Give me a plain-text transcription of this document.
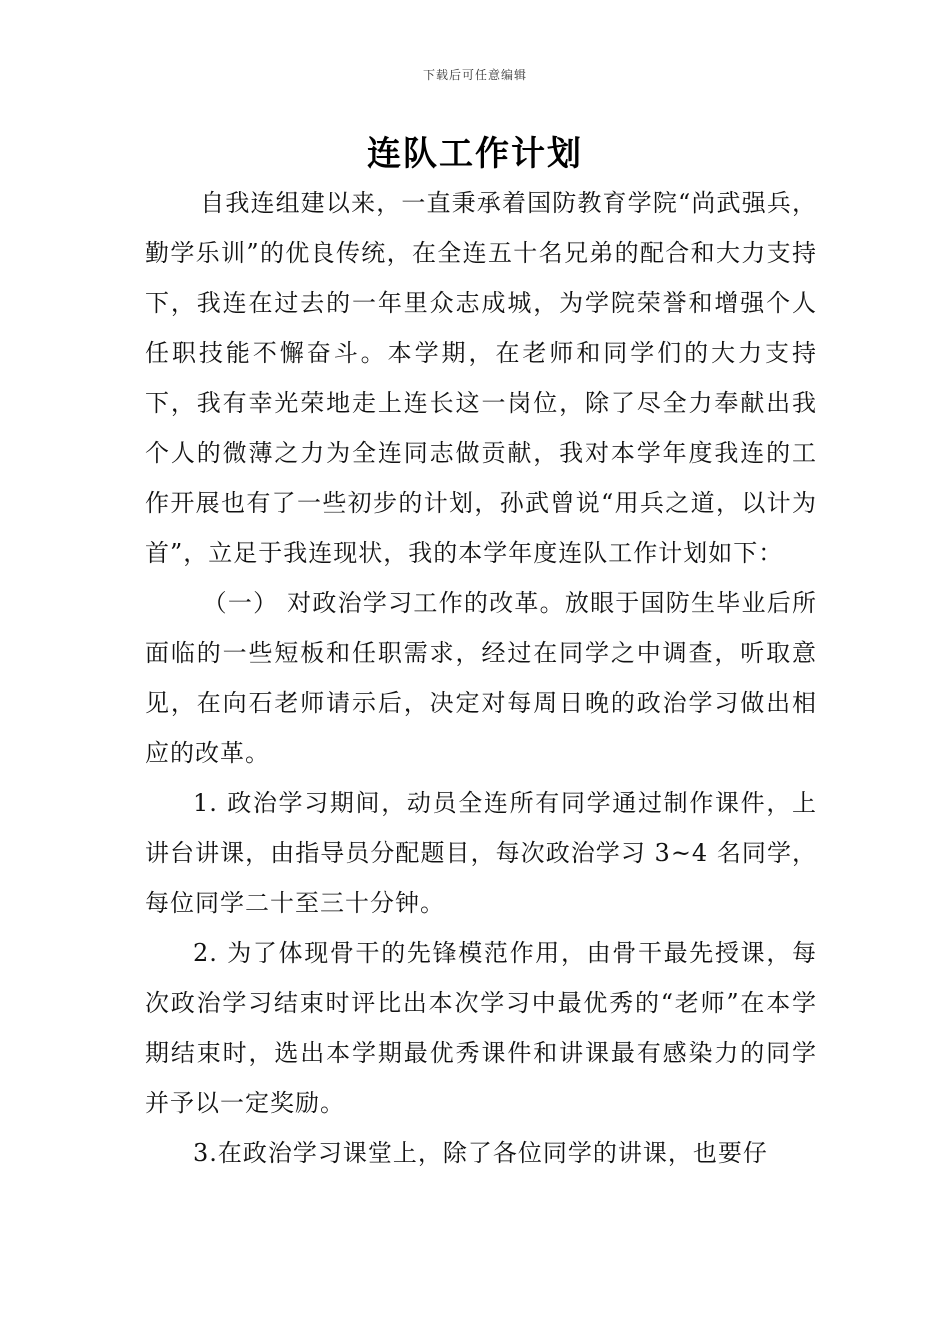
下载后可任意编辑
连队工作计划

自我连组建以来，一直秉承着国防教育学院“尚武强兵，勤学乐训”的优良传统，在全连五十名兄弟的配合和大力支持下，我连在过去的一年里众志成城，为学院荣誉和增强个人任职技能不懈奋斗。本学期，在老师和同学们的大力支持下，我有幸光荣地走上连长这一岗位，除了尽全力奉献出我个人的微薄之力为全连同志做贡献，我对本学年度我连的工作开展也有了一些初步的计划，孙武曾说“用兵之道，以计为首”，立足于我连现状，我的本学年度连队工作计划如下：

（一） 对政治学习工作的改革。放眼于国防生毕业后所面临的一些短板和任职需求，经过在同学之中调查，听取意见，在向石老师请示后，决定对每周日晚的政治学习做出相应的改革。

1. 政治学习期间，动员全连所有同学通过制作课件，上讲台讲课，由指导员分配题目，每次政治学习 3~4 名同学，每位同学二十至三十分钟。

2. 为了体现骨干的先锋模范作用，由骨干最先授课，每次政治学习结束时评比出本次学习中最优秀的“老师”在本学期结束时，选出本学期最优秀课件和讲课最有感染力的同学并予以一定奖励。

3.在政治学习课堂上，除了各位同学的讲课，也要仔
